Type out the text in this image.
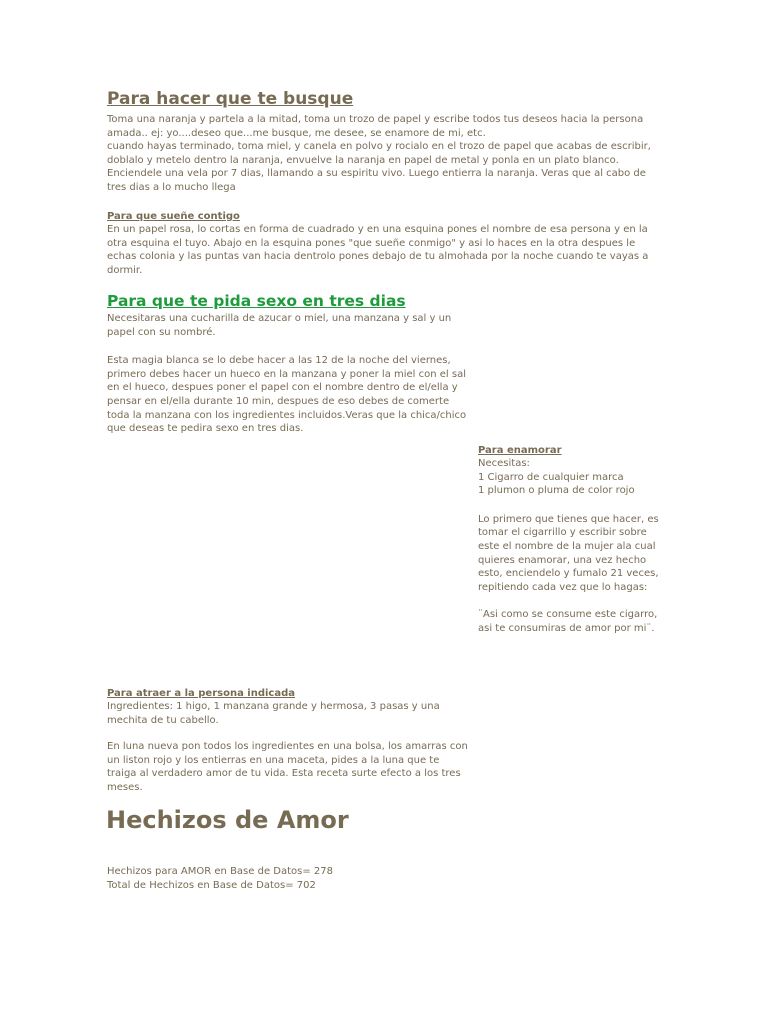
Para hacer que te busque

Toma una naranja y partela a la mitad, toma un trozo de papel y escribe todos tus deseos hacia la persona
amada.. ej: yo....deseo que...me busque, me desee, se enamore de mi, etc.
cuando hayas terminado, toma miel, y canela en polvo y rocialo en el trozo de papel que acabas de escribir,
doblalo y metelo dentro la naranja, envuelve la naranja en papel de metal y ponla en un plato blanco.
Enciendele una vela por 7 dias, llamando a su espiritu vivo. Luego entierra la naranja. Veras que al cabo de
tres dias a lo mucho llega

Para que sueñe contigo

En un papel rosa, lo cortas en forma de cuadrado y en una esquina pones el nombre de esa persona y en la
otra esquina el tuyo. Abajo en la esquina pones "que sueñe conmigo" y asi lo haces en la otra despues le
echas colonia y las puntas van hacia dentrolo pones debajo de tu almohada por la noche cuando te vayas a
dormir.

Para que te pida sexo en tres dias

Necesitaras una cucharilla de azucar o miel, una manzana y sal y un
papel con su nombré.

Esta magia blanca se lo debe hacer a las 12 de la noche del viernes,
primero debes hacer un hueco en la manzana y poner la miel con el sal
en el hueco, despues poner el papel con el nombre dentro de el/ella y
pensar en el/ella durante 10 min, despues de eso debes de comerte
toda la manzana con los ingredientes incluidos.Veras que la chica/chico
que deseas te pedira sexo en tres dias.

Para enamorar

Necesitas:
1 Cigarro de cualquier marca
1 plumon o pluma de color rojo

Lo primero que tienes que hacer, es
tomar el cigarrillo y escribir sobre
este el nombre de la mujer ala cual
quieres enamorar, una vez hecho
esto, enciendelo y fumalo 21 veces,
repitiendo cada vez que lo hagas:

¨Asi como se consume este cigarro,
asi te consumiras de amor por mi¨.

Para atraer a la persona indicada

Ingredientes: 1 higo, 1 manzana grande y hermosa, 3 pasas y una
mechita de tu cabello.

En luna nueva pon todos los ingredientes en una bolsa, los amarras con
un liston rojo y los entierras en una maceta, pides a la luna que te
traiga al verdadero amor de tu vida. Esta receta surte efecto a los tres
meses.

Hechizos de Amor

Hechizos para AMOR en Base de Datos= 278
Total de Hechizos en Base de Datos= 702
